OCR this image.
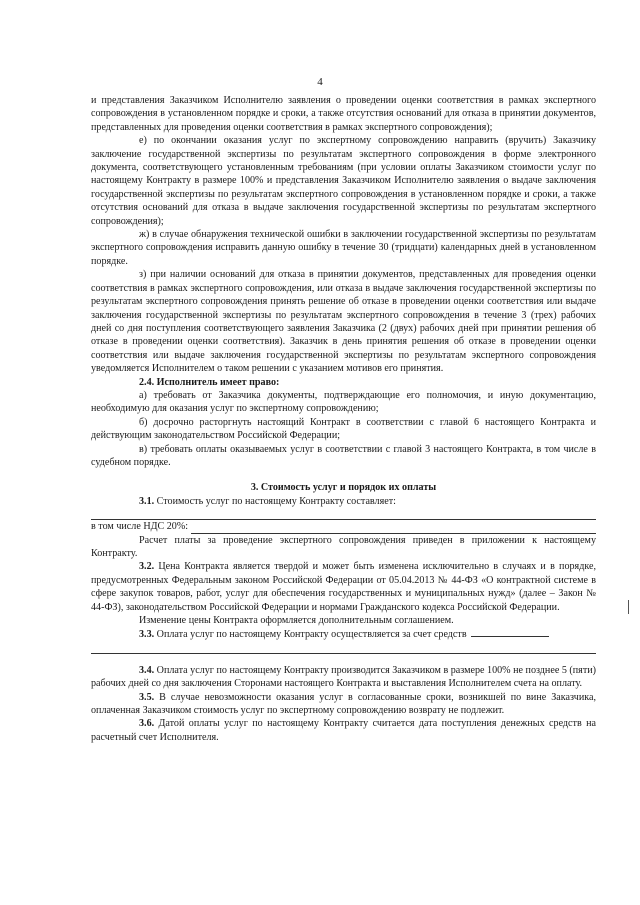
4

и представления Заказчиком Исполнителю заявления о проведении оценки соответствия в рамках экспертного сопровождения в установленном порядке и сроки, а также отсутствия оснований для отказа в принятии документов, представленных для проведения оценки соответствия в рамках экспертного сопровождения);

е) по окончании оказания услуг по экспертному сопровождению направить (вручить) Заказчику заключение государственной экспертизы по результатам экспертного сопровождения в форме электронного документа, соответствующего установленным требованиям (при условии оплаты Заказчиком стоимости услуг по настоящему Контракту в размере 100% и представления Заказчиком Исполнителю заявления о выдаче заключения государственной экспертизы по результатам экспертного сопровождения в установленном порядке и сроки, а также отсутствия оснований для отказа в выдаче заключения государственной экспертизы по результатам экспертного сопровождения);

ж) в случае обнаружения технической ошибки в заключении государственной экспертизы по результатам экспертного сопровождения исправить данную ошибку в течение 30 (тридцати) календарных дней в установленном порядке.

з) при наличии оснований для отказа в принятии документов, представленных для проведения оценки соответствия в рамках экспертного сопровождения, или отказа в выдаче заключения государственной экспертизы по результатам экспертного сопровождения принять решение об отказе в проведении оценки соответствия или выдаче заключения государственной экспертизы по результатам экспертного сопровождения в течение 3 (трех) рабочих дней со дня поступления соответствующего заявления Заказчика (2 (двух) рабочих дней при принятии решения об отказе в проведении оценки соответствия). Заказчик в день принятия решения об отказе в проведении оценки соответствия или выдаче заключения государственной экспертизы по результатам экспертного сопровождения уведомляется Исполнителем о таком решении с указанием мотивов его принятия.

2.4. Исполнитель имеет право:

а) требовать от Заказчика документы, подтверждающие его полномочия, и иную документацию, необходимую для оказания услуг по экспертному сопровождению;

б) досрочно расторгнуть настоящий Контракт в соответствии с главой 6 настоящего Контракта и действующим законодательством Российской Федерации;

в) требовать оплаты оказываемых услуг в соответствии с главой 3 настоящего Контракта, в том числе в судебном порядке.

3. Стоимость услуг и порядок их оплаты

3.1. Стоимость услуг по настоящему Контракту составляет:

в том числе НДС 20%:

Расчет платы за проведение экспертного сопровождения приведен в приложении к настоящему Контракту.

3.2. Цена Контракта является твердой и может быть изменена исключительно в случаях и в порядке, предусмотренных Федеральным законом Российской Федерации от 05.04.2013 № 44-ФЗ «О контрактной системе в сфере закупок товаров, работ, услуг для обеспечения государственных и муниципальных нужд» (далее – Закон № 44-ФЗ), законодательством Российской Федерации и нормами Гражданского кодекса Российской Федерации.

Изменение цены Контракта оформляется дополнительным соглашением.

3.3. Оплата услуг по настоящему Контракту осуществляется за счет средств

3.4. Оплата услуг по настоящему Контракту производится Заказчиком в размере 100% не позднее 5 (пяти) рабочих дней со дня заключения Сторонами настоящего Контракта и выставления Исполнителем счета на оплату.

3.5. В случае невозможности оказания услуг в согласованные сроки, возникшей по вине Заказчика, оплаченная Заказчиком стоимость услуг по экспертному сопровождению возврату не подлежит.

3.6. Датой оплаты услуг по настоящему Контракту считается дата поступления денежных средств на расчетный счет Исполнителя.
